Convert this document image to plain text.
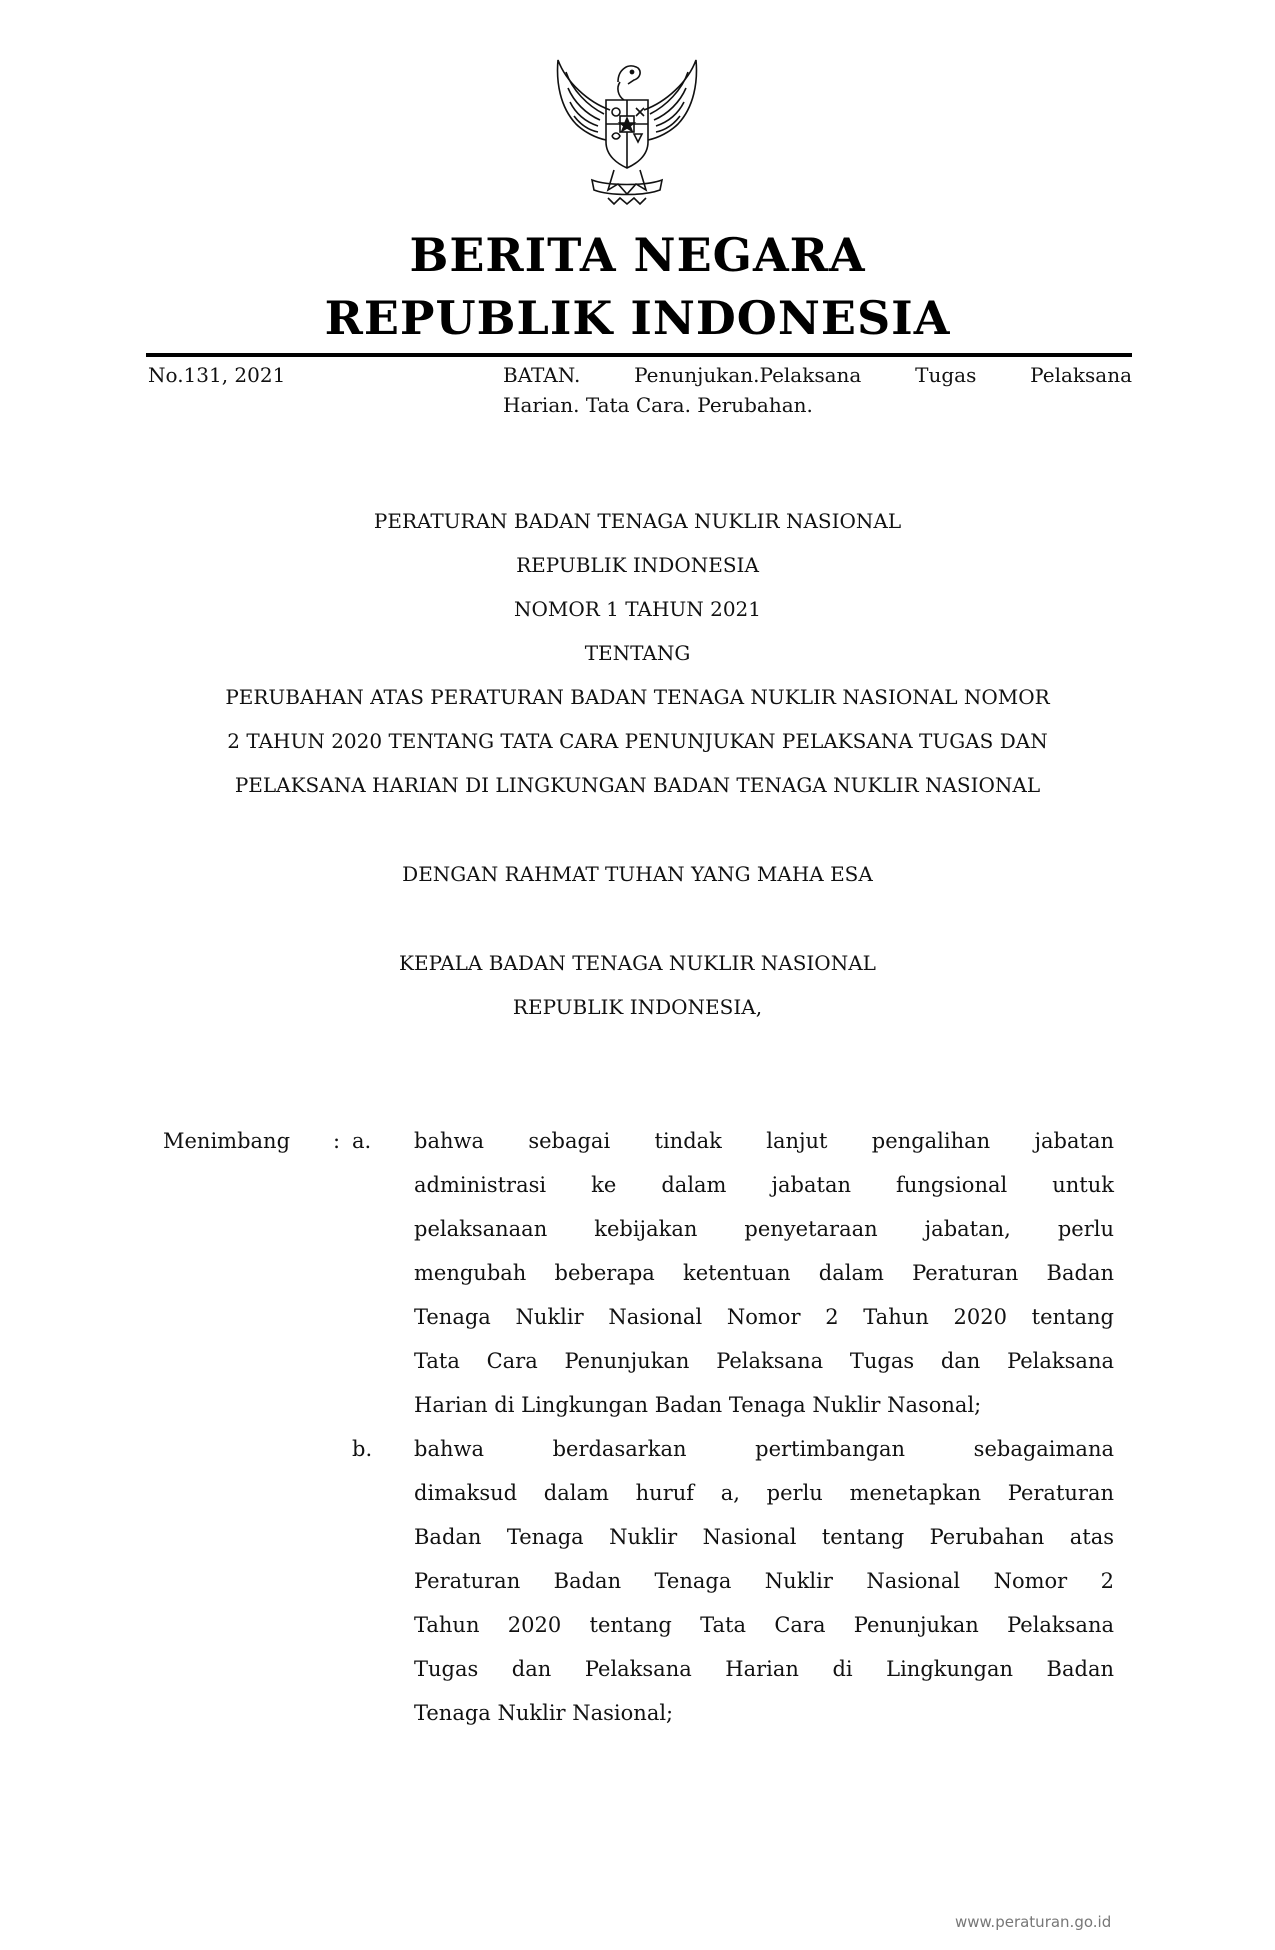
BERITA NEGARA
REPUBLIK INDONESIA
No.131, 2021	BATAN. Penunjukan.Pelaksana Tugas Pelaksana
Harian. Tata Cara. Perubahan.
PERATURAN BADAN TENAGA NUKLIR NASIONAL
REPUBLIK INDONESIA
NOMOR 1 TAHUN 2021
TENTANG
PERUBAHAN ATAS PERATURAN BADAN TENAGA NUKLIR NASIONAL NOMOR
2 TAHUN 2020 TENTANG TATA CARA PENUNJUKAN PELAKSANA TUGAS DAN
PELAKSANA HARIAN DI LINGKUNGAN BADAN TENAGA NUKLIR NASIONAL
DENGAN RAHMAT TUHAN YANG MAHA ESA
KEPALA BADAN TENAGA NUKLIR NASIONAL
REPUBLIK INDONESIA,
Menimbang : a. bahwa sebagai tindak lanjut pengalihan jabatan
administrasi ke dalam jabatan fungsional untuk
pelaksanaan kebijakan penyetaraan jabatan, perlu
mengubah beberapa ketentuan dalam Peraturan Badan
Tenaga Nuklir Nasional Nomor 2 Tahun 2020 tentang
Tata Cara Penunjukan Pelaksana Tugas dan Pelaksana
Harian di Lingkungan Badan Tenaga Nuklir Nasonal;
b. bahwa berdasarkan pertimbangan sebagaimana
dimaksud dalam huruf a, perlu menetapkan Peraturan
Badan Tenaga Nuklir Nasional tentang Perubahan atas
Peraturan Badan Tenaga Nuklir Nasional Nomor 2
Tahun 2020 tentang Tata Cara Penunjukan Pelaksana
Tugas dan Pelaksana Harian di Lingkungan Badan
Tenaga Nuklir Nasional;
www.peraturan.go.id
